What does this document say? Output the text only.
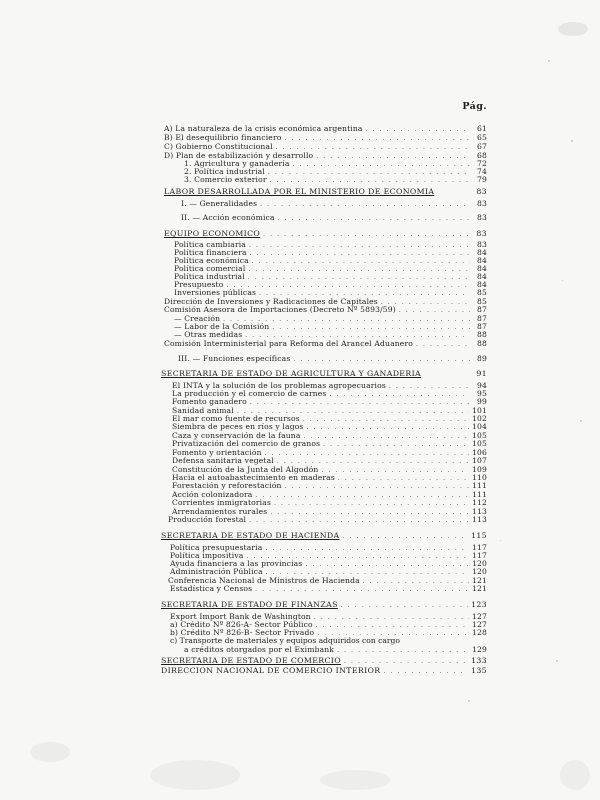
Pág.
A) La naturaleza de la crisis económica argentina . . .	61
B) El desequilibrio financiero . . .	65
C) Gobierno Constitucional . . .	67
D) Plan de estabilización y desarrollo . . .	68
1. Agricultura y ganadería . . .	72
2. Política industrial . . .	74
3. Comercio exterior . . .	79
LABOR DESARROLLADA POR EL MINISTERIO DE ECONOMIA	83
I. — Generalidades . . .	83
II. — Acción económica . . .	83
EQUIPO ECONOMICO . . .	83
Política cambiaria . . .	83
Política financiera . . .	84
Política económica . . .	84
Política comercial . . .	84
Política industrial . . .	84
Presupuesto . . .	84
Inversiones públicas . . .	85
Dirección de Inversiones y Radicaciones de Capitales . . .	85
Comisión Asesora de Importaciones (Decreto Nº 5893/59) . . .	87
— Creación . . .	87
— Labor de la Comisión . . .	87
— Otras medidas . . .	88
Comisión Interministerial para Reforma del Arancel Aduanero . . .	88
III. — Funciones específicas . . .	89
SECRETARIA DE ESTADO DE AGRICULTURA Y GANADERIA	91
El INTA y la solución de los problemas agropecuarios . . .	94
La producción y el comercio de carnes . . .	95
Fomento ganadero . . .	99
Sanidad animal . . .	101
El mar como fuente de recursos . . .	102
Siembra de peces en ríos y lagos . . .	104
Caza y conservación de la fauna . . .	105
Privatización del comercio de granos . . .	105
Fomento y orientación . . .	106
Defensa sanitaria vegetal . . .	107
Constitución de la Junta del Algodón . . .	109
Hacia el autoabastecimiento en maderas . . .	110
Forestación y reforestación . . .	111
Acción colonizadora . . .	111
Corrientes inmigratorias . . .	112
Arrendamientos rurales . . .	113
Producción forestal . . .	113
SECRETARIA DE ESTADO DE HACIENDA . . .	115
Política presupuestaria . . .	117
Política impositiva . . .	117
Ayuda financiera a las provincias . . .	120
Administración Pública . . .	120
Conferencia Nacional de Ministros de Hacienda . . .	121
Estadística y Censos . . .	121
SECRETARIA DE ESTADO DE FINANZAS . . .	123
Export Import Bank de Washington . . .	127
a) Crédito Nº 826-A- Sector Público . . .	127
b) Crédito Nº 826-B- Sector Privado . . .	128
c) Transporte de materiales y equipos adquiridos con cargo
a créditos otorgados por el Eximbank . . .	129
SECRETARIA DE ESTADO DE COMERCIO . . .	133
DIRECCION NACIONAL DE COMERCIO INTERIOR . . .	135
